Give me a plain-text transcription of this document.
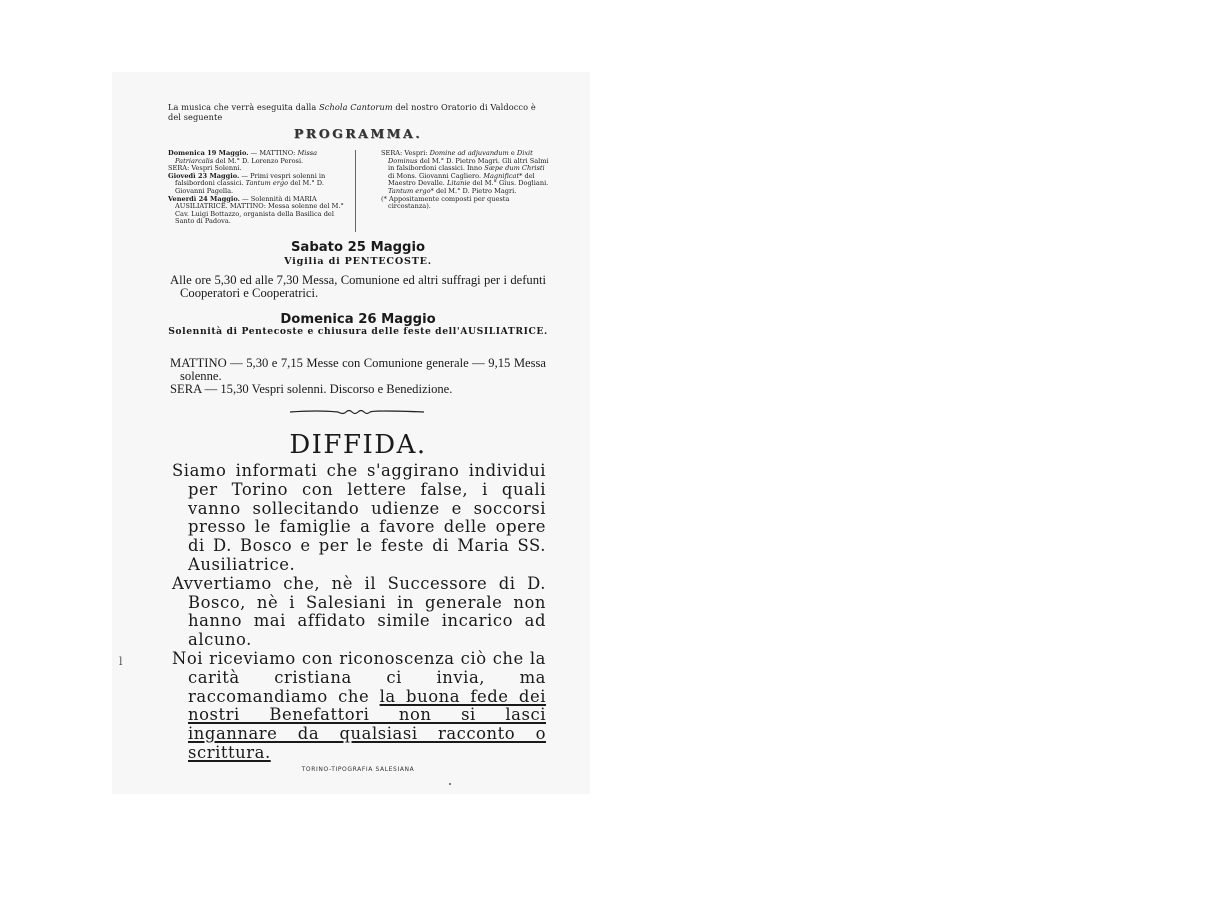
La musica che verrà eseguita dalla Schola Cantorum del nostro Oratorio di Valdocco è del seguente
PROGRAMMA.

Domenica 19 Maggio. — MATTINO: Missa Patriarcalis del M.° D. Lorenzo Perosi.

SERA: Vespri Solenni.

Giovedì 23 Maggio. — Primi vespri solenni in falsibordoni classici. Tantum ergo del M.° D. Giovanni Pagella.

Venerdì 24 Maggio. — Solennità di MARIA AUSILIATRICE. MATTINO: Messa solenne del M.° Cav. Luigi Bottazzo, organista della Basilica del Santo di Padova.

SERA: Vespri: Domine ad adjuvandum e Dixit Dominus del M.° D. Pietro Magri. Gli altri Salmi in falsibordoni classici. Inno Sæpe dum Christi di Mons. Giovanni Cagliero. Magnificat* del Maestro Devalle. Litanie del M.° Gius. Dogliani. Tantum ergo* del M.° D. Pietro Magri.

(* Appositamente composti per questa circostanza).

Sabato 25 Maggio
Vigilia di PENTECOSTE.

Alle ore 5,30 ed alle 7,30 Messa, Comunione ed altri suffragi per i defunti Cooperatori e Cooperatrici.

Domenica 26 Maggio
Solennità di Pentecoste e chiusura delle feste dell'AUSILIATRICE.

MATTINO — 5,30 e 7,15 Messe con Comunione generale — 9,15 Messa solenne.

SERA — 15,30 Vespri solenni. Discorso e Benedizione.

DIFFIDA.

Siamo informati che s'aggirano individui per Torino con lettere false, i quali vanno sollecitando udienze e soccorsi presso le famiglie a favore delle opere di D. Bosco e per le feste di Maria SS. Ausiliatrice.

Avvertiamo che, nè il Successore di D. Bosco, nè i Salesiani in generale non hanno mai affidato simile incarico ad alcuno.

Noi riceviamo con riconoscenza ciò che la carità cristiana ci invia, ma raccomandiamo che la buona fede dei nostri Benefattori non si lasci ingannare da qualsiasi racconto o scrittura.

TORINO-TIPOGRAFIA SALESIANA
l
